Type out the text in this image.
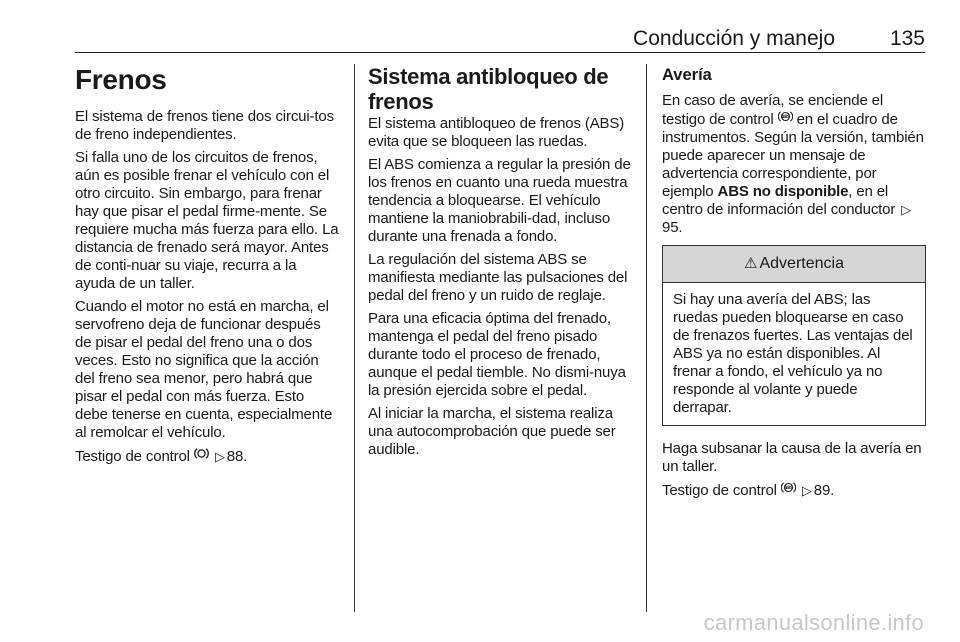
Conducción y manejo	135
Frenos

El sistema de frenos tiene dos circui-tos de freno independientes.

Si falla uno de los circuitos de frenos, aún es posible frenar el vehículo con el otro circuito. Sin embargo, para frenar hay que pisar el pedal firme-mente. Se requiere mucha más fuerza para ello. La distancia de frenado será mayor. Antes de conti-nuar su viaje, recurra a la ayuda de un taller.

Cuando el motor no está en marcha, el servofreno deja de funcionar después de pisar el pedal del freno una o dos veces. Esto no significa que la acción del freno sea menor, pero habrá que pisar el pedal con más fuerza. Esto debe tenerse en cuenta, especialmente al remolcar el vehículo.

Testigo de control ▷ 88.

Sistema antibloqueo de frenos

El sistema antibloqueo de frenos (ABS) evita que se bloqueen las ruedas.

El ABS comienza a regular la presión de los frenos en cuanto una rueda muestra tendencia a bloquearse. El vehículo mantiene la maniobrabili-dad, incluso durante una frenada a fondo.

La regulación del sistema ABS se manifiesta mediante las pulsaciones del pedal del freno y un ruido de reglaje.

Para una eficacia óptima del frenado, mantenga el pedal del freno pisado durante todo el proceso de frenado, aunque el pedal tiemble. No dismi-nuya la presión ejercida sobre el pedal.

Al iniciar la marcha, el sistema realiza una autocomprobación que puede ser audible.

Avería

En caso de avería, se enciende el testigo de control ABS en el cuadro de instrumentos. Según la versión, también puede aparecer un mensaje de advertencia correspondiente, por ejemplo ABS no disponible, en el centro de información del conductor ▷95.

⚠ Advertencia

Si hay una avería del ABS; las ruedas pueden bloquearse en caso de frenazos fuertes. Las ventajas del ABS ya no están disponibles. Al frenar a fondo, el vehículo ya no responde al volante y puede derrapar.

Haga subsanar la causa de la avería en un taller.

Testigo de control ABS ▷ 89.

carmanualsonline.info
